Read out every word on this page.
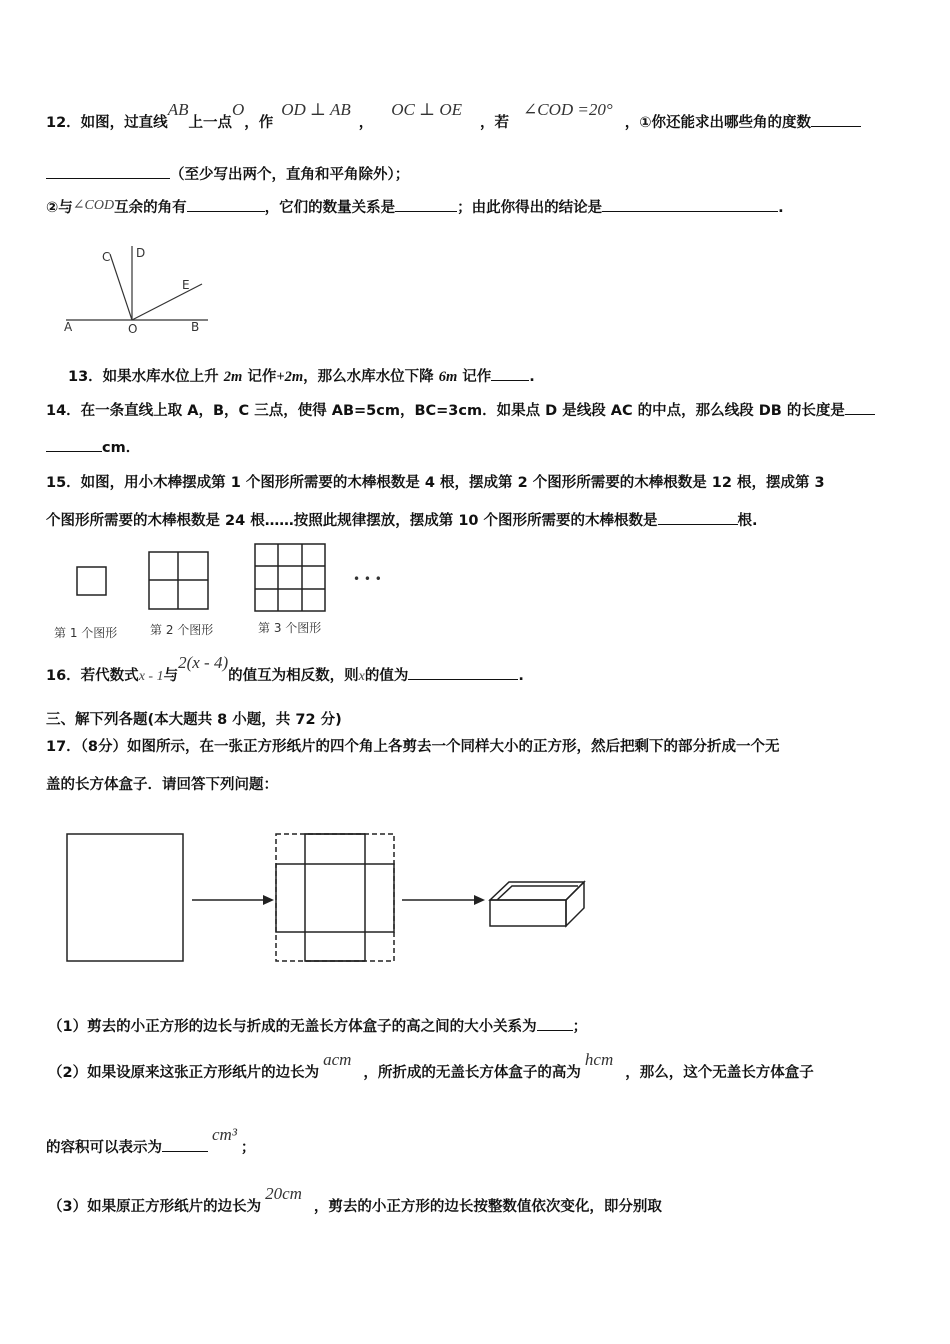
12．如图，过直线AB上一点O，作OD ⊥ AB，OC ⊥ OE，若∠COD =20°，①你还能求出哪些角的度数
（至少写出两个，直角和平角除外）；
②与∠COD互余的角有	，它们的数量关系是	；由此你得出的结论是	.
A	O	B
C D
E
13．如果水库水位上升 2m 记作+2m，那么水库水位下降 6m 记作	.
14．在一条直线上取 A，B，C 三点，使得 AB=5cm，BC=3cm．如果点 D 是线段 AC 的中点，那么线段 DB 的长度是
cm．
15．如图，用小木棒摆成第 1 个图形所需要的木棒根数是 4 根，摆成第 2 个图形所需要的木棒根数是 12 根，摆成第 3
个图形所需要的木棒根数是 24 根……按照此规律摆放，摆成第 10 个图形所需要的木棒根数是	根.
• • •
第 1 个图形	第 2 个图形	第 3 个图形
16．若代数式x - 1与2(x - 4)的值互为相反数，则x的值为	.
三、解下列各题(本大题共 8 小题，共 72 分)
17．（8分）如图所示，在一张正方形纸片的四个角上各剪去一个同样大小的正方形，然后把剩下的部分折成一个无
盖的长方体盒子．请回答下列问题：
（1）剪去的小正方形的边长与折成的无盖长方体盒子的高之间的大小关系为 ；
（2）如果设原来这张正方形纸片的边长为acm，所折成的无盖长方体盒子的高为hcm，那么，这个无盖长方体盒子
的容积可以表示为cm³；
（3）如果原正方形纸片的边长为20cm，剪去的小正方形的边长按整数值依次变化，即分别取
